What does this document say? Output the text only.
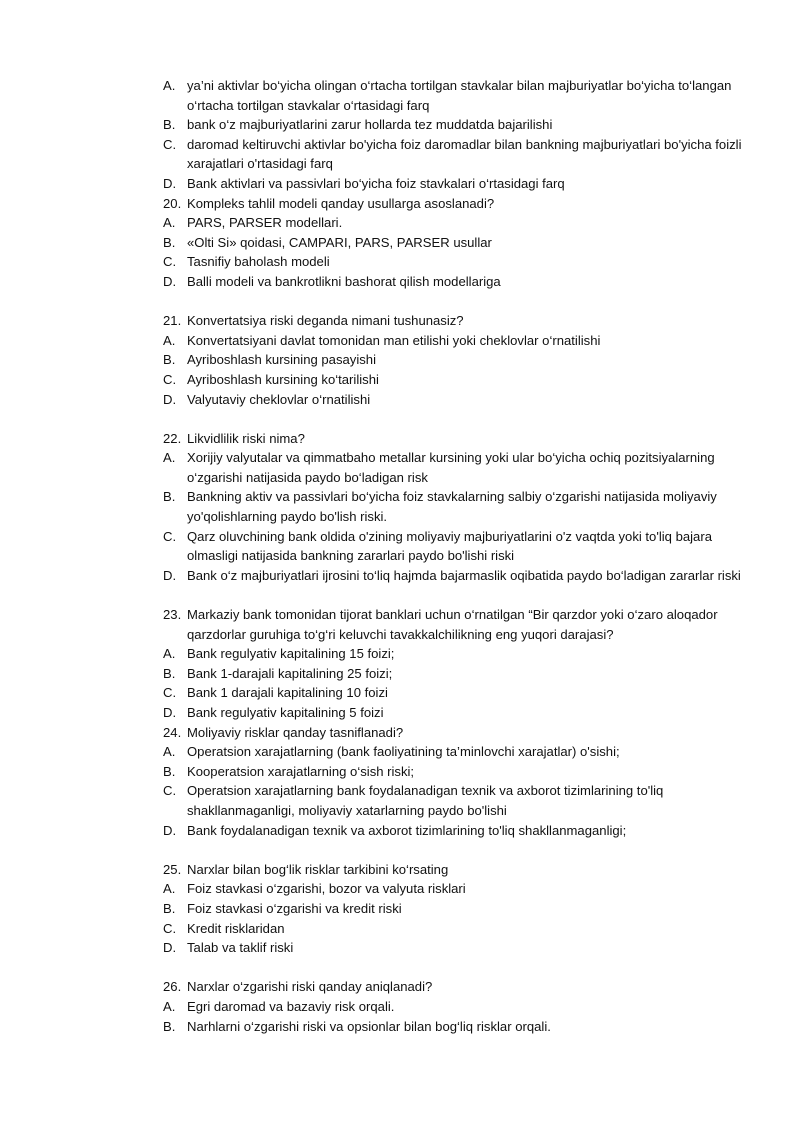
A. ya’ni aktivlar bo‘yicha olingan o‘rtacha tortilgan stavkalar bilan majburiyatlar bo‘yicha to‘langan o‘rtacha tortilgan stavkalar o‘rtasidagi farq
B. bank o‘z majburiyatlarini zarur hollarda tez muddatda bajarilishi
C. daromad keltiruvchi aktivlar bo'yicha foiz daromadlar bilan bankning majburiyatlari bo'yicha foizli xarajatlari o'rtasidagi farq
D. Bank aktivlari va passivlari bo‘yicha foiz stavkalari o‘rtasidagi farq
20. Kompleks tahlil modeli qanday usullarga asoslanadi?
A. PARS, PARSER modellari.
B. «Olti Si» qoidasi, CAMPARI, PARS, PARSER usullar
C. Tasnifiy baholash modeli
D. Balli modeli va bankrotlikni bashorat qilish modellariga
21. Konvertatsiya riski deganda nimani tushunasiz?
A. Konvertatsiyani davlat tomonidan man etilishi yoki cheklovlar o‘rnatilishi
B. Ayriboshlash kursining pasayishi
C. Ayriboshlash kursining ko‘tarilishi
D. Valyutaviy cheklovlar o‘rnatilishi
22. Likvidlilik riski nima?
A. Xorijiy valyutalar va qimmatbaho metallar kursining yoki ular bo‘yicha ochiq pozitsiyalarning o‘zgarishi natijasida paydo bo‘ladigan risk
B. Bankning aktiv va passivlari bo‘yicha foiz stavkalarning salbiy o‘zgarishi natijasida moliyaviy yo'qolishlarning paydo bo'lish riski.
C. Qarz oluvchining bank oldida o'zining moliyaviy majburiyatlarini o'z vaqtda yoki to'liq bajara olmasligi natijasida bankning zararlari paydo bo'lishi riski
D. Bank o‘z majburiyatlari ijrosini to‘liq hajmda bajarmaslik oqibatida paydo bo‘ladigan zararlar riski
23. Markaziy bank tomonidan tijorat banklari uchun o‘rnatilgan “Bir qarzdor yoki o‘zaro aloqador qarzdorlar guruhiga to‘g‘ri keluvchi tavakkalchilikning eng yuqori darajasi?
A. Bank regulyativ kapitalining 15 foizi;
B. Bank 1-darajali kapitalining 25 foizi;
C. Bank 1 darajali kapitalining 10 foizi
D. Bank regulyativ kapitalining 5 foizi
24. Moliyaviy risklar qanday tasniflanadi?
A. Operatsion xarajatlarning (bank faoliyatining ta’minlovchi xarajatlar) o'sishi;
B. Kooperatsion xarajatlarning o‘sish riski;
C. Operatsion xarajatlarning bank foydalanadigan texnik va axborot tizimlarining to'liq shakllanmaganligi, moliyaviy xatarlarning paydo bo'lishi
D. Bank foydalanadigan texnik va axborot tizimlarining to'liq shakllanmaganligi;
25. Narxlar bilan bog‘lik risklar tarkibini ko‘rsating
A. Foiz stavkasi o‘zgarishi, bozor va valyuta risklari
B. Foiz stavkasi o‘zgarishi va kredit riski
C. Kredit risklaridan
D. Talab va taklif riski
26. Narxlar o‘zgarishi riski qanday aniqlanadi?
A. Egri daromad va bazaviy risk orqali.
B. Narhlarni o‘zgarishi riski va opsionlar bilan bog‘liq risklar orqali.
